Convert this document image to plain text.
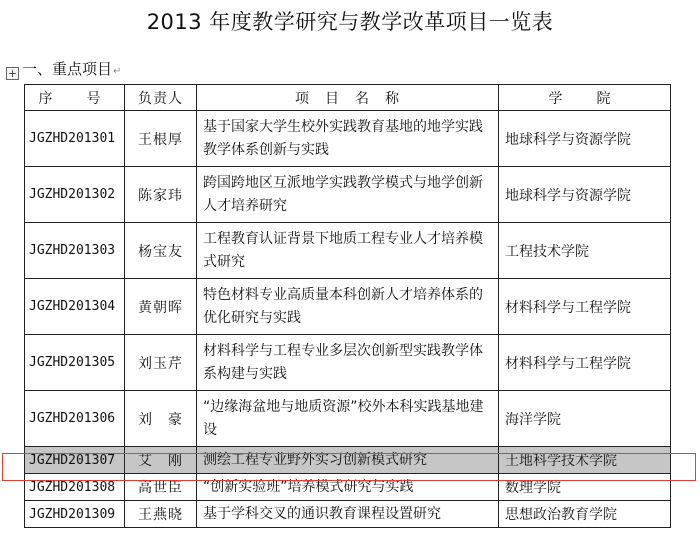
2013 年度教学研究与教学改革项目一览表
+ 一、重点项目↵
序　号	负责人	项　目　名　称	学　院
JGZHD201301	王根厚	基于国家大学生校外实践教育基地的地学实践教学体系创新与实践	地球科学与资源学院
JGZHD201302	陈家玮	跨国跨地区互派地学实践教学模式与地学创新人才培养研究	地球科学与资源学院
JGZHD201303	杨宝友	工程教育认证背景下地质工程专业人才培养模式研究	工程技术学院
JGZHD201304	黄朝晖	特色材料专业高质量本科创新人才培养体系的优化研究与实践	材料科学与工程学院
JGZHD201305	刘玉芹	材料科学与工程专业多层次创新型实践教学体系构建与实践	材料科学与工程学院
JGZHD201306	刘　豪	“边缘海盆地与地质资源”校外本科实践基地建设	海洋学院
JGZHD201307	艾　刚	测绘工程专业野外实习创新模式研究	土地科学技术学院
JGZHD201308	高世臣	“创新实验班”培养模式研究与实践	数理学院
JGZHD201309	王燕晓	基于学科交叉的通识教育课程设置研究	思想政治教育学院
